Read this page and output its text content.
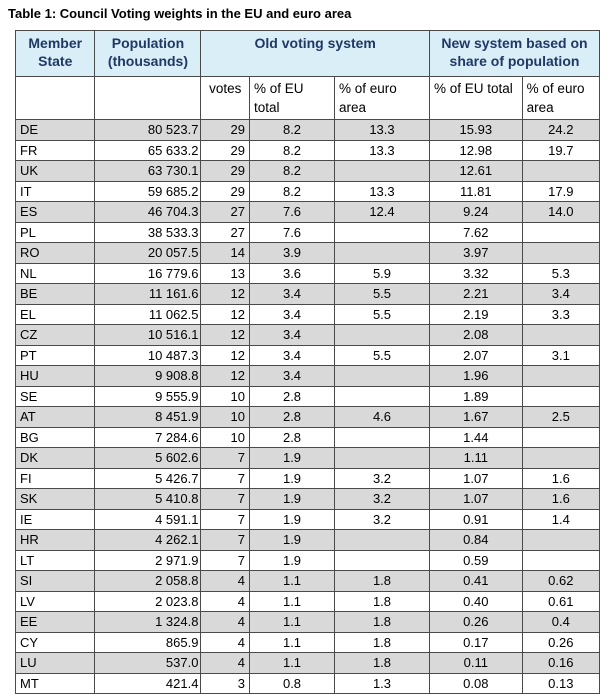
Table 1: Council Voting weights in the EU and euro area
Member State	Population (thousands)	Old voting system			New system based on share of population	
		votes	% of EU total	% of euro area	% of EU total	% of euro area
DE	80 523.7	29	8.2	13.3	15.93	24.2
FR	65 633.2	29	8.2	13.3	12.98	19.7
UK	63 730.1	29	8.2		12.61	
IT	59 685.2	29	8.2	13.3	11.81	17.9
ES	46 704.3	27	7.6	12.4	9.24	14.0
PL	38 533.3	27	7.6		7.62	
RO	20 057.5	14	3.9		3.97	
NL	16 779.6	13	3.6	5.9	3.32	5.3
BE	11 161.6	12	3.4	5.5	2.21	3.4
EL	11 062.5	12	3.4	5.5	2.19	3.3
CZ	10 516.1	12	3.4		2.08	
PT	10 487.3	12	3.4	5.5	2.07	3.1
HU	9 908.8	12	3.4		1.96	
SE	9 555.9	10	2.8		1.89	
AT	8 451.9	10	2.8	4.6	1.67	2.5
BG	7 284.6	10	2.8		1.44	
DK	5 602.6	7	1.9		1.11	
FI	5 426.7	7	1.9	3.2	1.07	1.6
SK	5 410.8	7	1.9	3.2	1.07	1.6
IE	4 591.1	7	1.9	3.2	0.91	1.4
HR	4 262.1	7	1.9		0.84	
LT	2 971.9	7	1.9		0.59	
SI	2 058.8	4	1.1	1.8	0.41	0.62
LV	2 023.8	4	1.1	1.8	0.40	0.61
EE	1 324.8	4	1.1	1.8	0.26	0.4
CY	865.9	4	1.1	1.8	0.17	0.26
LU	537.0	4	1.1	1.8	0.11	0.16
MT	421.4	3	0.8	1.3	0.08	0.13
